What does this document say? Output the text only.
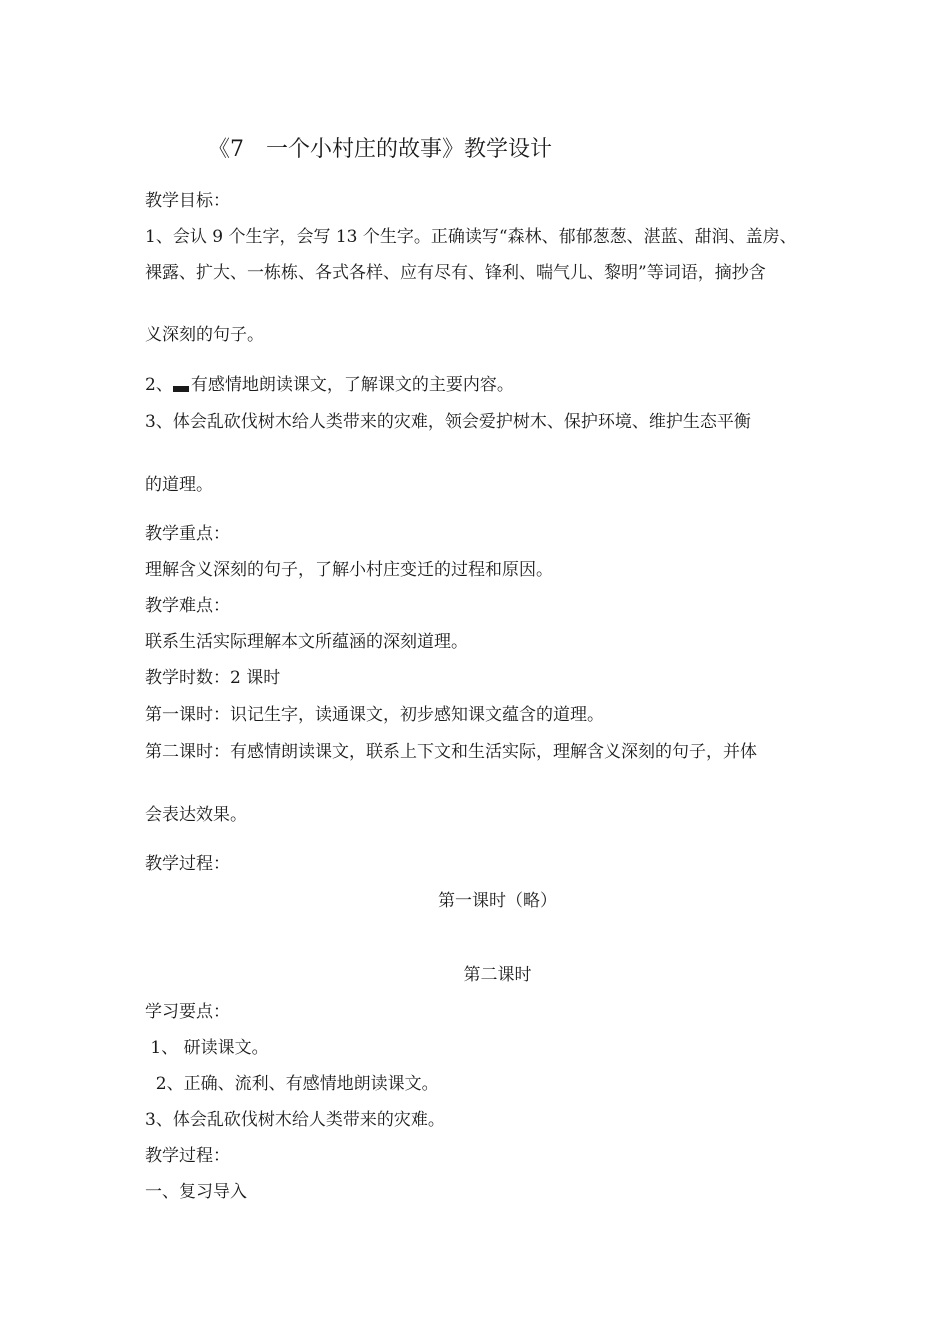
《7　一个小村庄的故事》教学设计
教学目标：
1、会认 9 个生字，会写 13 个生字。正确读写“森林、郁郁葱葱、湛蓝、甜润、盖房、
裸露、扩大、一栋栋、各式各样、应有尽有、锋利、喘气儿、黎明”等词语，摘抄含
义深刻的句子。
2、 有感情地朗读课文，了解课文的主要内容。
3、体会乱砍伐树木给人类带来的灾难，领会爱护树木、保护环境、维护生态平衡
的道理。
教学重点：
理解含义深刻的句子，了解小村庄变迁的过程和原因。
教学难点：
联系生活实际理解本文所蕴涵的深刻道理。
教学时数：2 课时
第一课时：识记生字，读通课文，初步感知课文蕴含的道理。
第二课时：有感情朗读课文，联系上下文和生活实际，理解含义深刻的句子，并体
会表达效果。
教学过程：
第一课时（略）
第二课时
学习要点：
1、 研读课文。
2、正确、流利、有感情地朗读课文。
3、体会乱砍伐树木给人类带来的灾难。
教学过程：
一、复习导入
